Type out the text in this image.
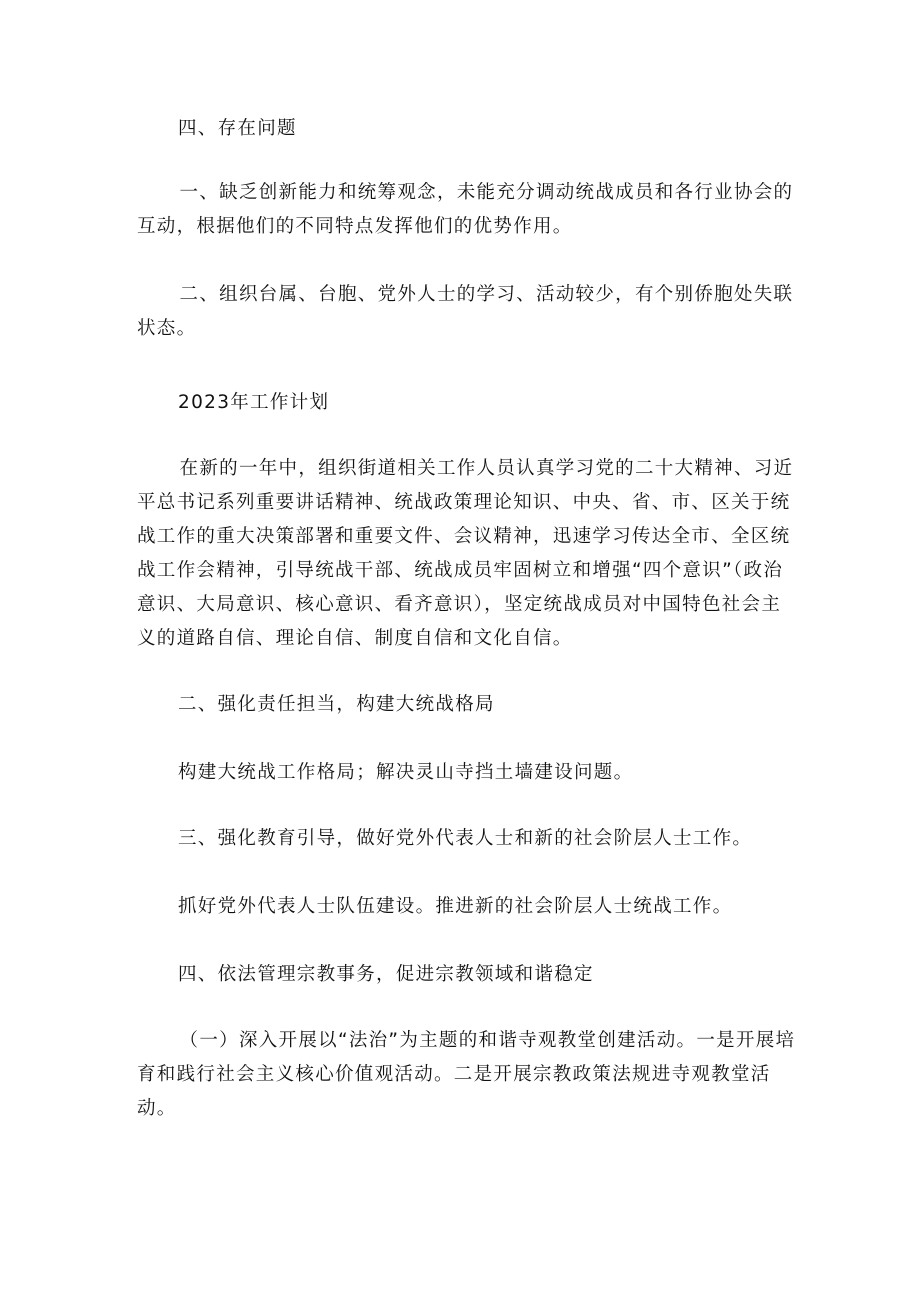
四、存在问题

一、缺乏创新能力和统筹观念，未能充分调动统战成员和各行业协会的互动，根据他们的不同特点发挥他们的优势作用。

二、组织台属、台胞、党外人士的学习、活动较少，有个别侨胞处失联状态。

2023年工作计划

在新的一年中，组织街道相关工作人员认真学习党的二十大精神、习近平总书记系列重要讲话精神、统战政策理论知识、中央、省、市、区关于统战工作的重大决策部署和重要文件、会议精神，迅速学习传达全市、全区统战工作会精神，引导统战干部、统战成员牢固树立和增强“四个意识”（政治意识、大局意识、核心意识、看齐意识），坚定统战成员对中国特色社会主义的道路自信、理论自信、制度自信和文化自信。

二、强化责任担当，构建大统战格局

构建大统战工作格局；解决灵山寺挡土墙建设问题。

三、强化教育引导，做好党外代表人士和新的社会阶层人士工作。

抓好党外代表人士队伍建设。推进新的社会阶层人士统战工作。

四、依法管理宗教事务，促进宗教领域和谐稳定

（一）深入开展以“法治”为主题的和谐寺观教堂创建活动。一是开展培育和践行社会主义核心价值观活动。二是开展宗教政策法规进寺观教堂活动。
